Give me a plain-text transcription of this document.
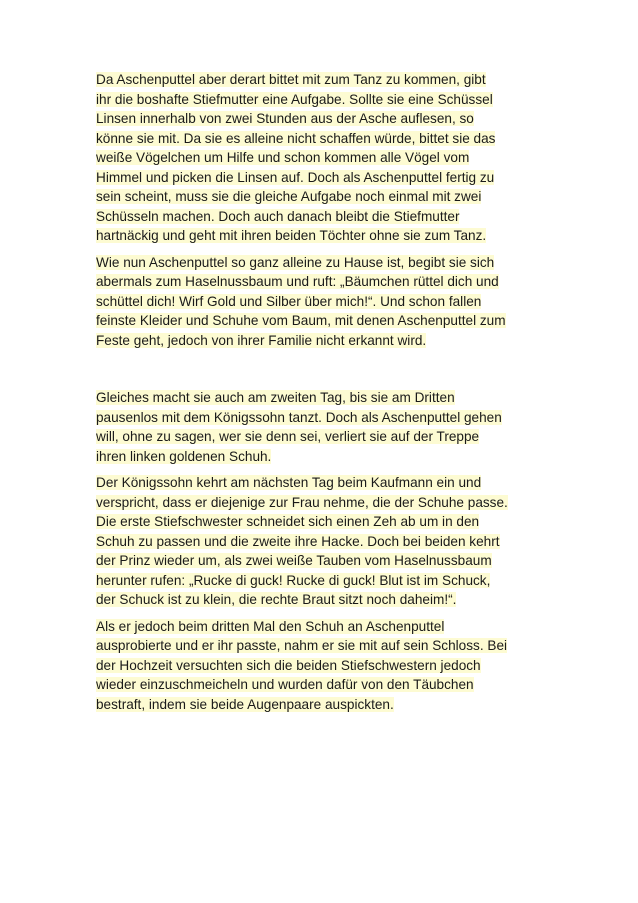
Da Aschenputtel aber derart bittet mit zum Tanz zu kommen, gibt
ihr die boshafte Stiefmutter eine Aufgabe. Sollte sie eine Schüssel
Linsen innerhalb von zwei Stunden aus der Asche auflesen, so
könne sie mit. Da sie es alleine nicht schaffen würde, bittet sie das
weiße Vögelchen um Hilfe und schon kommen alle Vögel vom
Himmel und picken die Linsen auf. Doch als Aschenputtel fertig zu
sein scheint, muss sie die gleiche Aufgabe noch einmal mit zwei
Schüsseln machen. Doch auch danach bleibt die Stiefmutter
hartnäckig und geht mit ihren beiden Töchter ohne sie zum Tanz.
Wie nun Aschenputtel so ganz alleine zu Hause ist, begibt sie sich
abermals zum Haselnussbaum und ruft: „Bäumchen rüttel dich und
schüttel dich! Wirf Gold und Silber über mich!“. Und schon fallen
feinste Kleider und Schuhe vom Baum, mit denen Aschenputtel zum
Feste geht, jedoch von ihrer Familie nicht erkannt wird.
Gleiches macht sie auch am zweiten Tag, bis sie am Dritten
pausenlos mit dem Königssohn tanzt. Doch als Aschenputtel gehen
will, ohne zu sagen, wer sie denn sei, verliert sie auf der Treppe
ihren linken goldenen Schuh.
Der Königssohn kehrt am nächsten Tag beim Kaufmann ein und
verspricht, dass er diejenige zur Frau nehme, die der Schuhe passe.
Die erste Stiefschwester schneidet sich einen Zeh ab um in den
Schuh zu passen und die zweite ihre Hacke. Doch bei beiden kehrt
der Prinz wieder um, als zwei weiße Tauben vom Haselnussbaum
herunter rufen: „Rucke di guck! Rucke di guck! Blut ist im Schuck,
der Schuck ist zu klein, die rechte Braut sitzt noch daheim!“.
Als er jedoch beim dritten Mal den Schuh an Aschenputtel
ausprobierte und er ihr passte, nahm er sie mit auf sein Schloss. Bei
der Hochzeit versuchten sich die beiden Stiefschwestern jedoch
wieder einzuschmeicheln und wurden dafür von den Täubchen
bestraft, indem sie beide Augenpaare auspickten.
